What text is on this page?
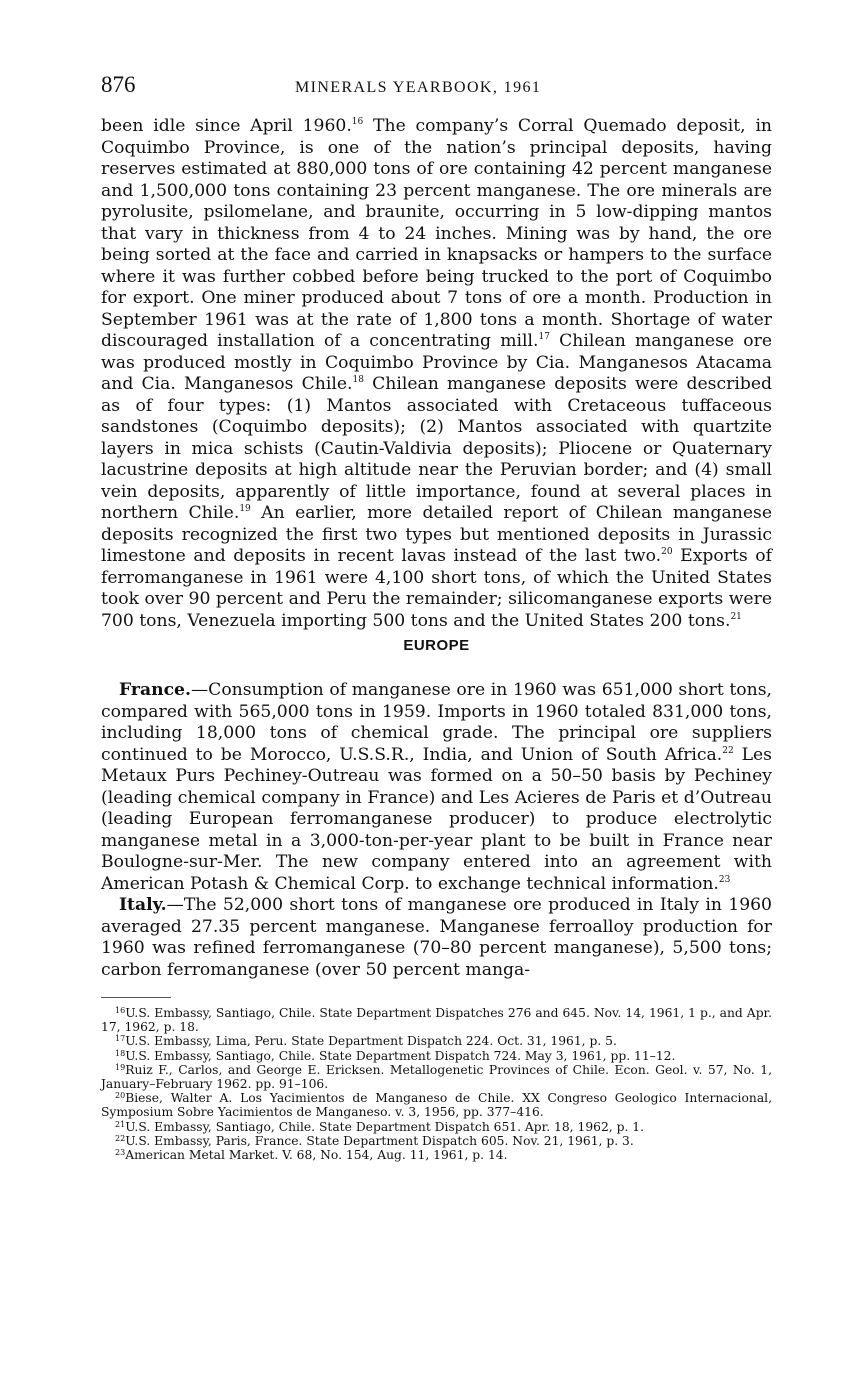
876	MINERALS YEARBOOK, 1961

been idle since April 1960.16 The company’s Corral Quemado deposit, in Coquimbo Province, is one of the nation’s principal deposits, having reserves estimated at 880,000 tons of ore containing 42 percent manganese and 1,500,000 tons containing 23 percent manganese. The ore minerals are pyrolusite, psilomelane, and braunite, occurring in 5 low-dipping mantos that vary in thickness from 4 to 24 inches. Mining was by hand, the ore being sorted at the face and carried in knapsacks or hampers to the surface where it was further cobbed before being trucked to the port of Coquimbo for export. One miner produced about 7 tons of ore a month. Production in September 1961 was at the rate of 1,800 tons a month. Shortage of water discouraged installation of a concentrating mill.$^{17}$ Chilean manganese ore was produced mostly in Coquimbo Province by Cia. Manganesos Atacama and Cia. Manganesos Chile.$^{18}$ Chilean manganese deposits were described as of four types: (1) Mantos associated with Cretaceous tuffaceous sandstones (Coquimbo deposits); (2) Mantos associated with quartzite layers in mica schists (Cautin-Valdivia deposits); Pliocene or Quaternary lacustrine deposits at high altitude near the Peruvian border; and (4) small vein deposits, apparently of little importance, found at several places in northern Chile.$^{19}$ An earlier, more detailed report of Chilean manganese deposits recognized the first two types but mentioned deposits in Jurassic limestone and deposits in recent lavas instead of the last two.$^{20}$ Exports of ferromanganese in 1961 were 4,100 short tons, of which the United States took over 90 percent and Peru the remainder; silicomanganese exports were 700 tons, Venezuela importing 500 tons and the United States 200 tons.$^{21}$

EUROPE

France.—Consumption of manganese ore in 1960 was 651,000 short tons, compared with 565,000 tons in 1959. Imports in 1960 totaled 831,000 tons, including 18,000 tons of chemical grade. The principal ore suppliers continued to be Morocco, U.S.S.R., India, and Union of South Africa.$^{22}$ Les Metaux Purs Pechiney-Outreau was formed on a 50–50 basis by Pechiney (leading chemical company in France) and Les Acieres de Paris et d’Outreau (leading European ferromanganese producer) to produce electrolytic manganese metal in a 3,000-ton-per-year plant to be built in France near Boulogne-sur-Mer. The new company entered into an agreement with American Potash & Chemical Corp. to exchange technical information.$^{23}$

Italy.—The 52,000 short tons of manganese ore produced in Italy in 1960 averaged 27.35 percent manganese. Manganese ferroalloy production for 1960 was refined ferromanganese (70–80 percent manganese), 5,500 tons; carbon ferromanganese (over 50 percent manga-

$^{16}$U.S. Embassy, Santiago, Chile. State Department Dispatches 276 and 645. Nov. 14, 1961, 1 p., and Apr. 17, 1962, p. 18.

$^{17}$U.S. Embassy, Lima, Peru. State Department Dispatch 224. Oct. 31, 1961, p. 5.

$^{18}$U.S. Embassy, Santiago, Chile. State Department Dispatch 724. May 3, 1961, pp. 11–12.

$^{19}$Ruiz F., Carlos, and George E. Ericksen. Metallogenetic Provinces of Chile. Econ. Geol. v. 57, No. 1, January–February 1962. pp. 91–106.

$^{20}$Biese, Walter A. Los Yacimientos de Manganeso de Chile. XX Congreso Geologico Internacional, Symposium Sobre Yacimientos de Manganeso. v. 3, 1956, pp. 377–416.

$^{21}$U.S. Embassy, Santiago, Chile. State Department Dispatch 651. Apr. 18, 1962, p. 1.

$^{22}$U.S. Embassy, Paris, France. State Department Dispatch 605. Nov. 21, 1961, p. 3.

$^{23}$American Metal Market. V. 68, No. 154, Aug. 11, 1961, p. 14.
